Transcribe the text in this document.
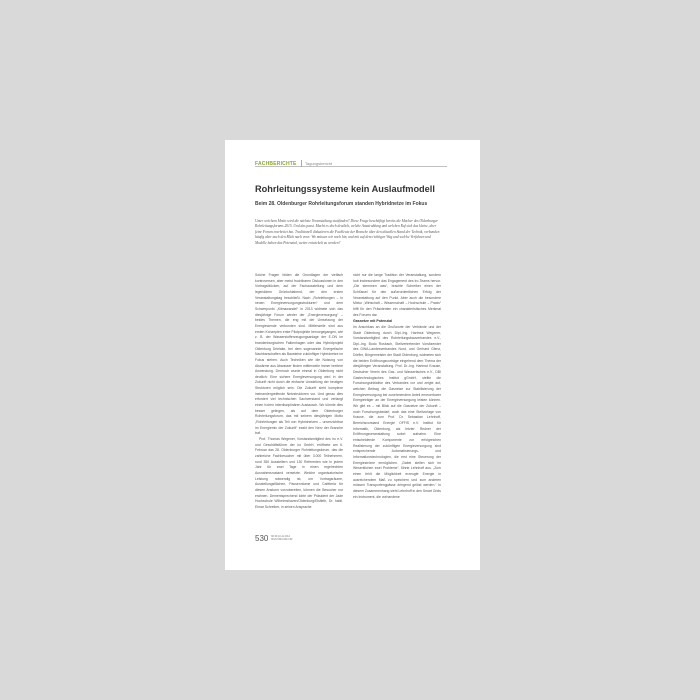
FACHBERICHTE Tagungsbericht
Rohrleitungssysteme kein Auslaufmodell
Beim 28. Oldenburger Rohrleitungsforum standen Hybridnetze im Fokus
Unter welchem Motto wird die nächste Veranstaltung stattfinden? Diese Frage beschäftigt bereits die Macher des Oldenburger Rohrleitungsforums 2015. Und das passt. Macht es doch deutlich, welche Ausstrahlung und welchen Ruf sich das kleine, aber feine Forum erarbeitet hat. Traditionell diskutieren die Fachleute der Branche über den aktuellen Stand der Technik, verbunden häufig aber auch den Blick nach vorn: Wo müssen wir noch hin, und mit auf dem richtigen Weg und welche Verfahren und Modelle haben das Potenzial, weiter entwickelt zu werden?

Solche Fragen bilden die Grundlagen der vielfach kontroversen, aber meist fruchtbaren Diskussionen in den Vortragsblöcken, auf der Fachausstellung und dem legendären Grünkohlabend, der den ersten Veranstaltungstag beschließt. Nach „Rohrleitungen – in neuen Energieversorgungsstrukturen“ und dem Schwerpunkt „Klimawandel“ in 2013 widmete sich das diesjährige Forum wieder der „Energieversorgung“ – beides Themen, die eng mit der Umsetzung der Energiewende verbunden sind. Mittlerweile sind aus ersten Konzepten erste Pilotprojekte hervorgegangen, wie z. B. der Wasserstofferzeugungsanlage der E.ON im brandenburgischen Falkenhagen oder das Hybridprojekt Oldenburg Drielake, bei dem sogenannte Energetische Nachbarschaften als Bausteine zukünftiger Hybridnetze im Fokus stehen. Auch Techniken wie die Nutzung von Abwärme aus Abwasser finden mittlerweile immer breitere Anwendung. Dennoch wurde einmal in Oldenburg nicht deutlich: Eine sichere Energieversorgung wird in der Zukunft nicht durch die einfache Umstellung der heutigen Strukturen möglich sein. Die Zukunft sieht komplexe ineinandergreifende Netzstrukturen vor. Und genau dies erfordert viel technischen Sachverstand und verlangt einen hohen interdisziplinären Austausch. Wo könnte dies besser gelingen, als auf dem Oldenburger Rohrleitungsforum, das mit seinem diesjährigen Motto „Rohrleitungen als Teil von Hybridnetzen – unverzichtbar im Energiemix der Zukunft“ exakt den Nerv der Branche traf.

Prof. Thomas Wegener, Vorstandsmitglied des iro e.V. und Geschäftsführer der iro GmbH, eröffnete am 6. Februar das 28. Oldenburger Rohrleitungsforum, das die zahlreiche Fachbesucher mit über 3.000 Teilnehmern, rund 350 Ausstellern und 130 Referenten wie in jedem Jahr für zwei Tage in einen regelrechten Ausnahmezustand versetzte. Welche organisatorische Leistung notwendig ist, um Vortragsräume, Ausstellungsflächen, Pausenräume und Caféteria für diesen Ansturm vorzubereiten, können die Besucher nur erahnen. Dementsprechend lobte der Präsident der Jade Hochschule Wilhelmshaven/Oldenburg/Elsfleth, Dr. habil. Elmar Schreiber, in seinen Ansprache

nicht nur die lange Tradition der Veranstaltung, sondern hob insbesondere das Engagement des iro-Teams hervor. „Die stemmen was“, brachte Schreiber einen der Schlüssel für den außerordentlichen Erfolg der Veranstaltung auf den Punkt. Aber auch die besondere Mixtur „Wirtschaft – Wissenschaft – Hochschule – Praxis“ trifft für den Präsidenten ein charakteristisches Merkmal des Forums dar.

Gasnetze mit Potenzial

Im Anschluss an die Grußworte der Verbände und der Stadt Oldenburg durch Dipl.-Ing. Hartmut Wegener, Vorstandsmitglied des Rohrleitungsbauverbandes e.V., Dipl.-Ing. Bodo Rosbach, Stellvertretender Vorsitzender des DWA-Landesverbandes Nord, und Gerhard Glenz, Dörfler, Bürgermeister der Stadt Oldenburg, widmeten sich die beiden Eröffnungsvorträge eingehend dem Thema der diesjährigen Veranstaltung. Prof. Dr.-Ing. Hartmut Krause, Deutscher Verein des Gas- und Wasserfaches e.V., DBI Gastechnologisches Institut gGmbH, stellte die Forschungsinitiative des Verbandes vor und zeigte auf, welchen Beitrag die Gasnetze zur Stabilisierung der Energieversorgung bei zunehmendem Anteil erneuerbarer Energieträger an der Energieversorgung leisten können. Wir gibt es – mit Blick auf die Gasnetze der Zukunft – noch Forschungsbedarf, auch das eine Steilvorlage von Krause, die zum Prof. Dr. Sebastian Lehnhoff, Bereichsvorstand Energie OFFIS e.V. Institut für Informatik, Oldenburg, als letzter Redner der Eröffnungsveranstaltung sofort aufnahm. Eine entscheidende Komponente zur erfolgreichen Realisierung der zukünftigen Energieversorgung sind entsprechende Automatisierungs- und Informationstechnologien, die erst eine Steuerung der Energieströme ermöglichen. „Dabei stellen sich im Wesentlichen zwei Probleme“, führte Lehnhoff aus. „Zum einen fehlt die Möglichkeit erzeugte Energie in ausreichendem Maß zu speichern und zum anderen müssen Transportengpässe dringend gelöst werden.“ In diesem Zusammenhang sieht Lehnhoff in den Smart Grids ein Instrument, die vorhandene

530 3R 09 10-11 2014
ISSN 0340-9244 3R
